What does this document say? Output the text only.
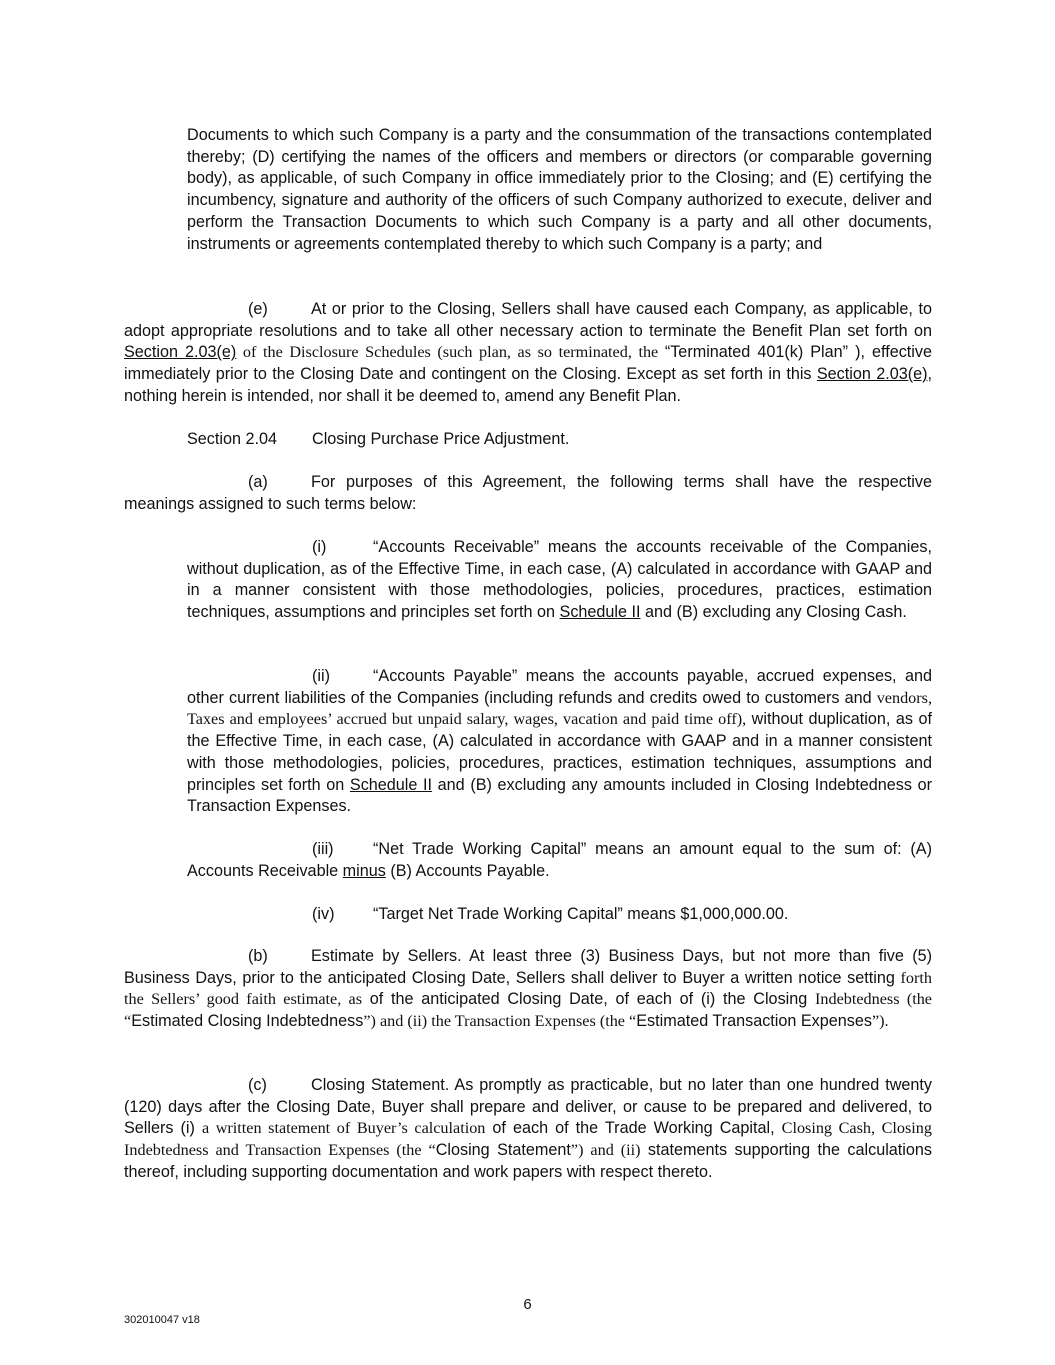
Documents to which such Company is a party and the consummation of the transactions contemplated thereby; (D) certifying the names of the officers and members or directors (or comparable governing body), as applicable, of such Company in office immediately prior to the Closing; and (E) certifying the incumbency, signature and authority of the officers of such Company authorized to execute, deliver and perform the Transaction Documents to which such Company is a party and all other documents, instruments or agreements contemplated thereby to which such Company is a party; and

(e)	At or prior to the Closing, Sellers shall have caused each Company, as applicable, to adopt appropriate resolutions and to take all other necessary action to terminate the Benefit Plan set forth on Section 2.03(e) of the Disclosure Schedules (such plan, as so terminated, the “Terminated 401(k) Plan” ), effective immediately prior to the Closing Date and contingent on the Closing. Except as set forth in this Section 2.03(e), nothing herein is intended, nor shall it be deemed to, amend any Benefit Plan.

Section 2.04 Closing Purchase Price Adjustment.

(a)	For purposes of this Agreement, the following terms shall have the respective meanings assigned to such terms below:

(i)	“Accounts Receivable” means the accounts receivable of the Companies, without duplication, as of the Effective Time, in each case, (A) calculated in accordance with GAAP and in a manner consistent with those methodologies, policies, procedures, practices, estimation techniques, assumptions and principles set forth on Schedule II and (B) excluding any Closing Cash.

(ii)	“Accounts Payable” means the accounts payable, accrued expenses, and other current liabilities of the Companies (including refunds and credits owed to customers and vendors, Taxes and employees’ accrued but unpaid salary, wages, vacation and paid time off), without duplication, as of the Effective Time, in each case, (A) calculated in accordance with GAAP and in a manner consistent with those methodologies, policies, procedures, practices, estimation techniques, assumptions and principles set forth on Schedule II and (B) excluding any amounts included in Closing Indebtedness or Transaction Expenses.

(iii) “Net Trade Working Capital” means an amount equal to the sum of: (A) Accounts Receivable minus (B) Accounts Payable.

(iv) “Target Net Trade Working Capital” means $1,000,000.00.

(b)	Estimate by Sellers. At least three (3) Business Days, but not more than five (5) Business Days, prior to the anticipated Closing Date, Sellers shall deliver to Buyer a written notice setting forth the Sellers’ good faith estimate, as of the anticipated Closing Date, of each of (i) the Closing Indebtedness (the “Estimated Closing Indebtedness”) and (ii) the Transaction Expenses (the “Estimated Transaction Expenses”).

(c)	Closing Statement. As promptly as practicable, but no later than one hundred twenty (120) days after the Closing Date, Buyer shall prepare and deliver, or cause to be prepared and delivered, to Sellers (i) a written statement of Buyer’s calculation of each of the Trade Working Capital, Closing Cash, Closing Indebtedness and Transaction Expenses (the “Closing Statement”) and (ii) statements supporting the calculations thereof, including supporting documentation and work papers with respect thereto.

6
302010047 v18
